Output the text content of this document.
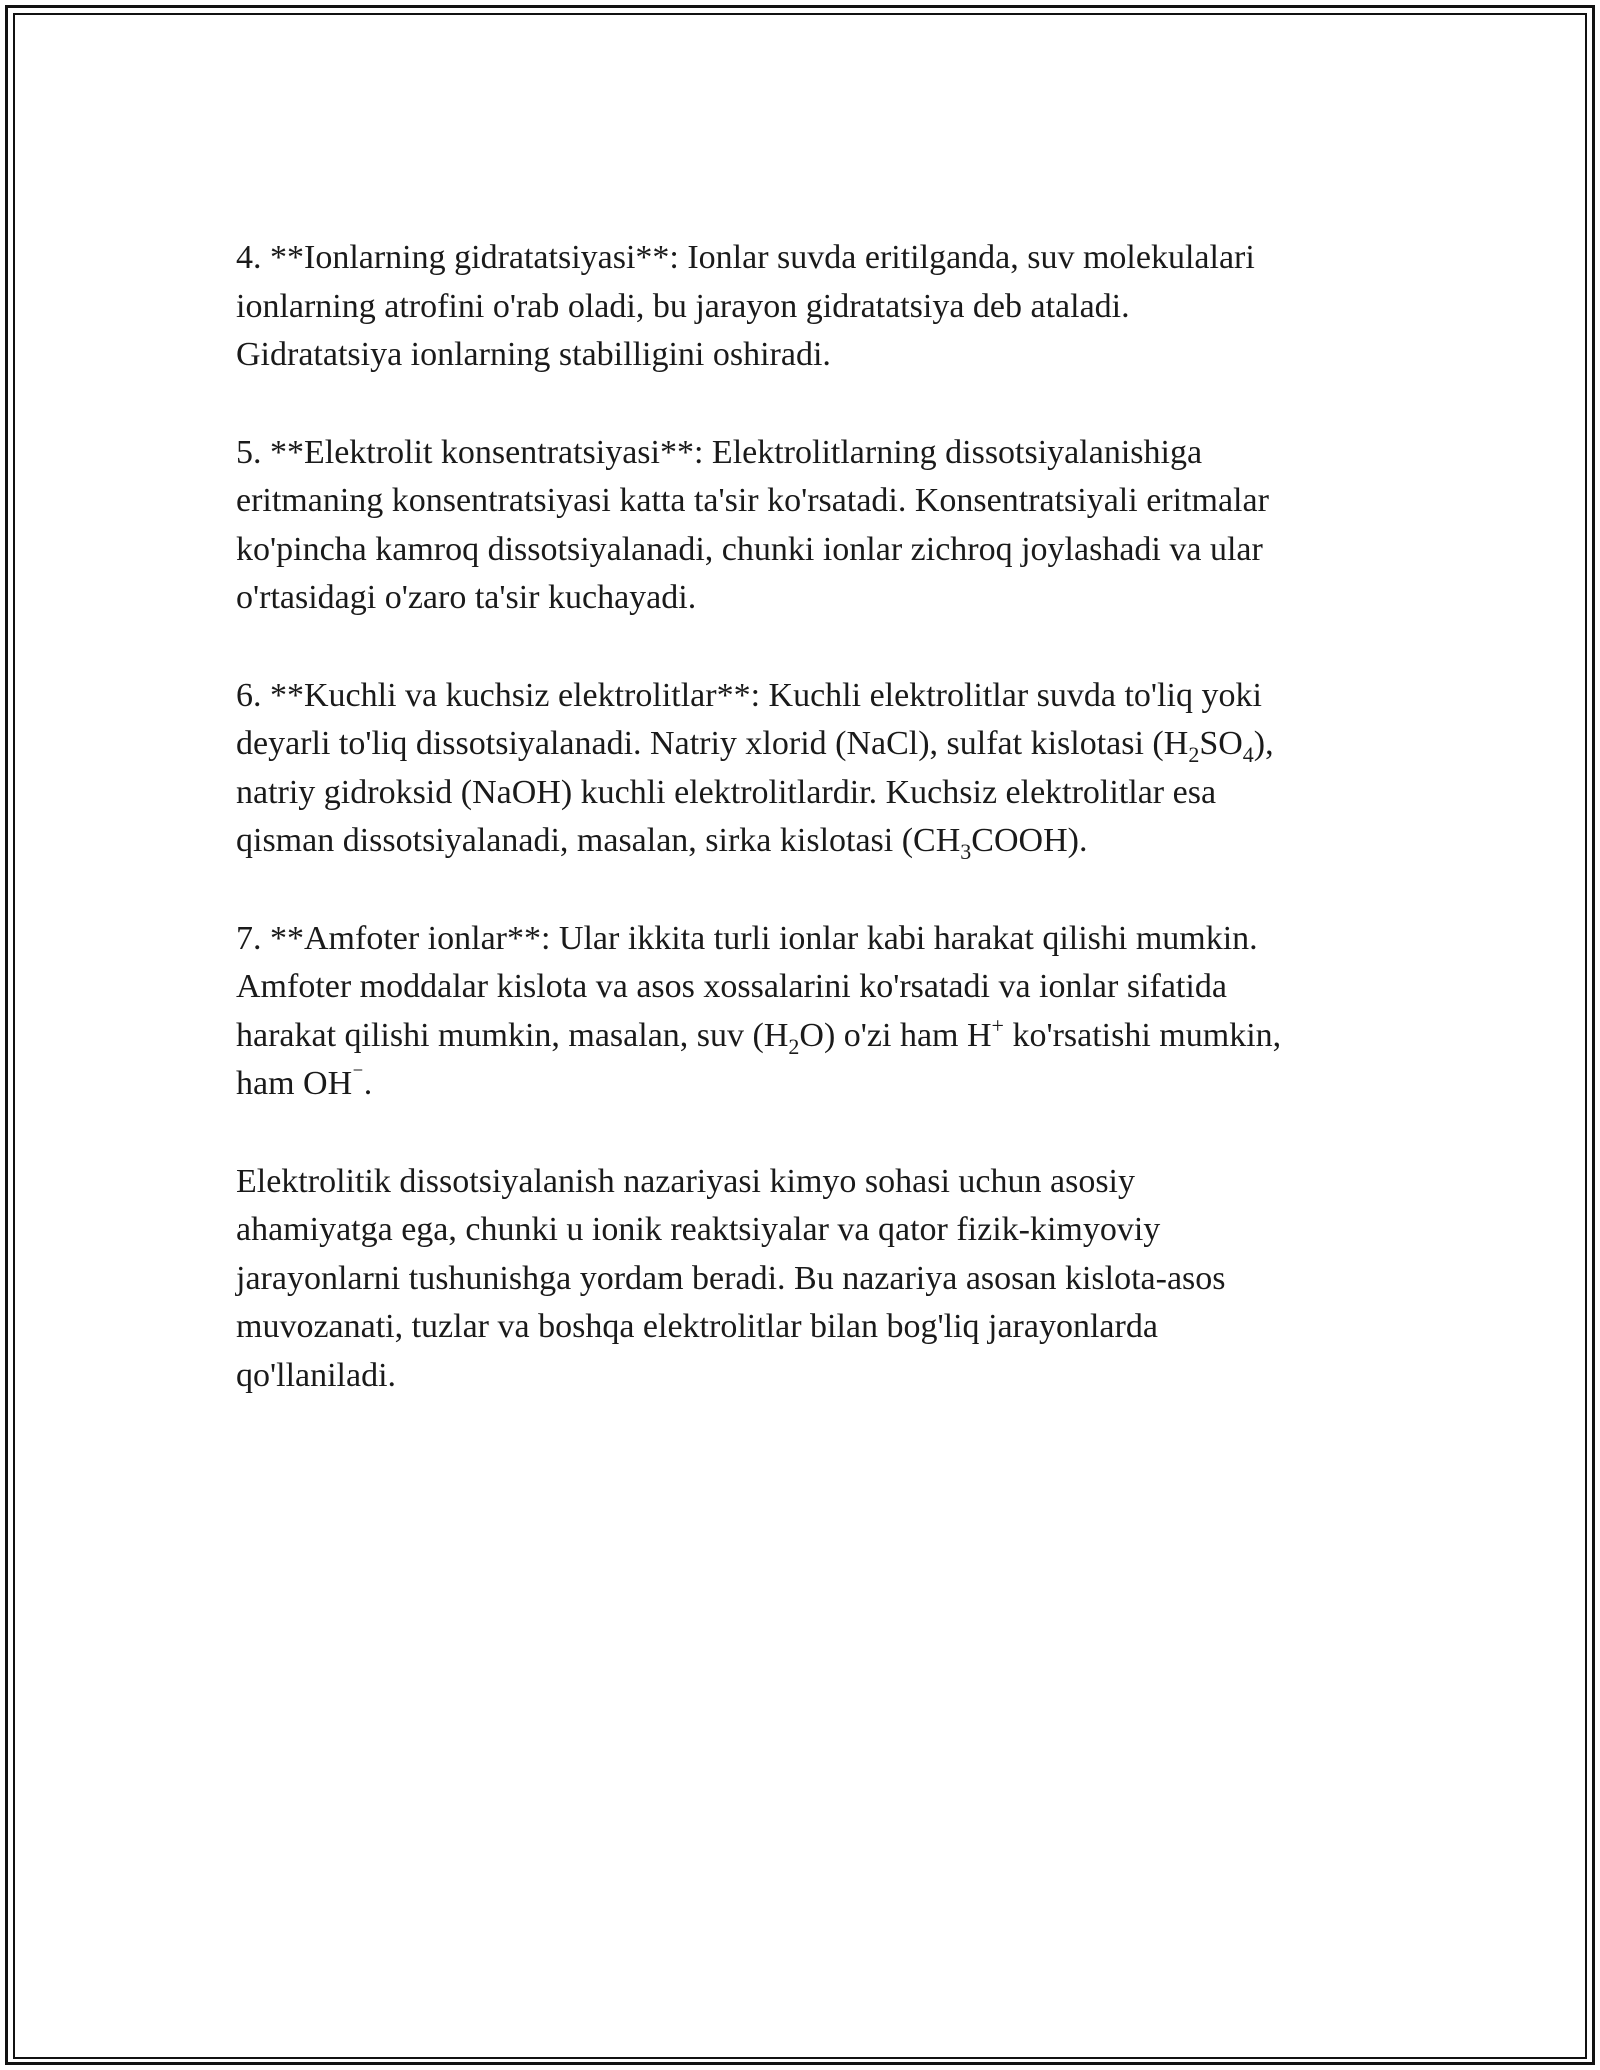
4. **Ionlarning gidratatsiyasi**: Ionlar suvda eritilganda, suv molekulalari
ionlarning atrofini o'rab oladi, bu jarayon gidratatsiya deb ataladi.
Gidratatsiya ionlarning stabilligini oshiradi.

5. **Elektrolit konsentratsiyasi**: Elektrolitlarning dissotsiyalanishiga
eritmaning konsentratsiyasi katta ta'sir ko'rsatadi. Konsentratsiyali eritmalar
ko'pincha kamroq dissotsiyalanadi, chunki ionlar zichroq joylashadi va ular
o'rtasidagi o'zaro ta'sir kuchayadi.

6. **Kuchli va kuchsiz elektrolitlar**: Kuchli elektrolitlar suvda to'liq yoki
deyarli to'liq dissotsiyalanadi. Natriy xlorid (NaCl), sulfat kislotasi $(H_2SO_4)$,
natriy gidroksid (NaOH) kuchli elektrolitlardir. Kuchsiz elektrolitlar esa
qisman dissotsiyalanadi, masalan, sirka kislotasi $(CH_3COOH)$.

7. **Amfoter ionlar**: Ular ikkita turli ionlar kabi harakat qilishi mumkin.
Amfoter moddalar kislota va asos xossalarini ko'rsatadi va ionlar sifatida
harakat qilishi mumkin, masalan, suv $(H_2O)$ o'zi ham H+ ko'rsatishi mumkin,
ham OH⁻.

Elektrolitik dissotsiyalanish nazariyasi kimyo sohasi uchun asosiy
ahamiyatga ega, chunki u ionik reaktsiyalar va qator fizik-kimyoviy
jarayonlarni tushunishga yordam beradi. Bu nazariya asosan kislota-asos
muvozanati, tuzlar va boshqa elektrolitlar bilan bog'liq jarayonlarda
qo'llaniladi.
